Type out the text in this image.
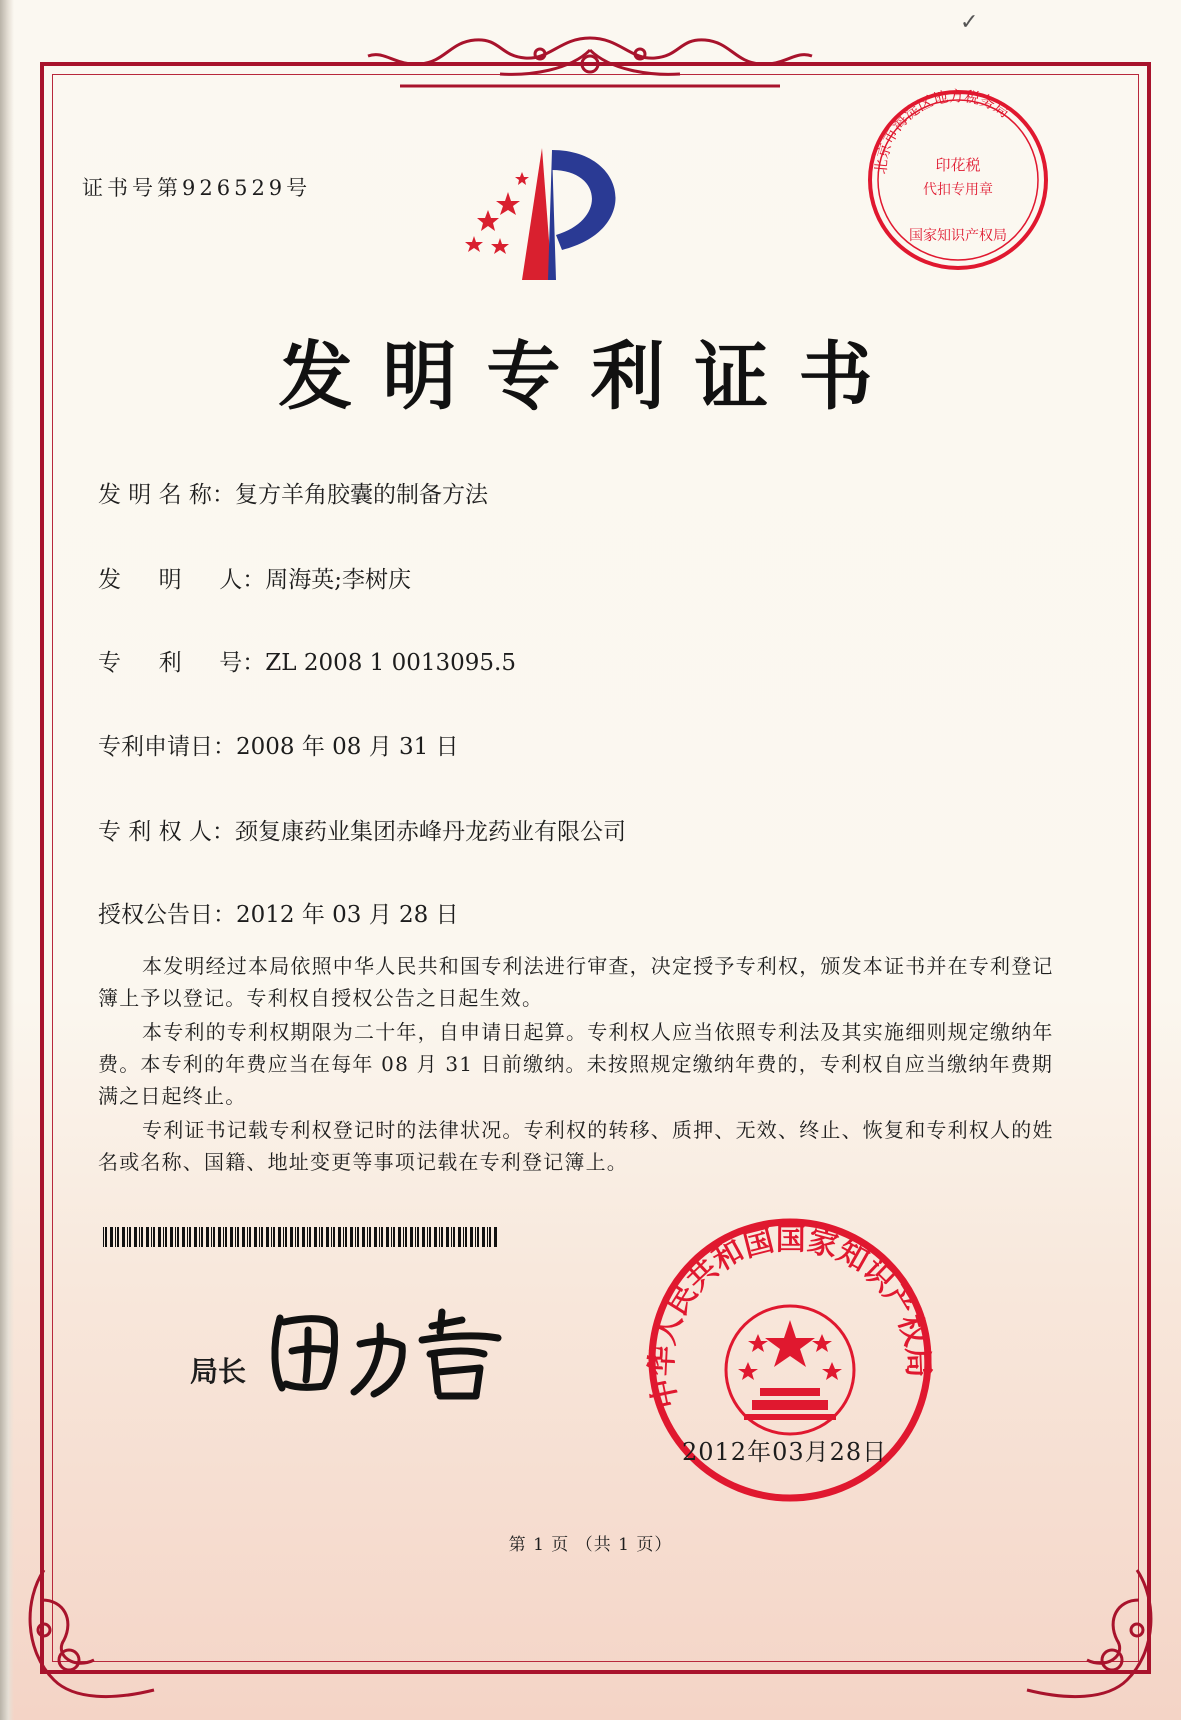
✓
北京市海淀区地方税务局
印花税
代扣专用章
国家知识产权局
证书号第926529号
发明专利证书
发 明 名 称：复方羊角胶囊的制备方法
发 　 明 　 人：周海英;李树庆
专 　 利 　 号：ZL 2008 1 0013095.5
专利申请日：2008 年 08 月 31 日
专 利 权 人：颈复康药业集团赤峰丹龙药业有限公司
授权公告日：2012 年 03 月 28 日
本发明经过本局依照中华人民共和国专利法进行审查，决定授予专利权，颁发本证书并在专利登记簿上予以登记。专利权自授权公告之日起生效。
本专利的专利权期限为二十年，自申请日起算。专利权人应当依照专利法及其实施细则规定缴纳年费。本专利的年费应当在每年 08 月 31 日前缴纳。未按照规定缴纳年费的，专利权自应当缴纳年费期满之日起终止。
专利证书记载专利权登记时的法律状况。专利权的转移、质押、无效、终止、恢复和专利权人的姓名或名称、国籍、地址变更等事项记载在专利登记簿上。
局长
中华人民共和国国家知识产权局
2012年03月28日
第 1 页 （共 1 页）
